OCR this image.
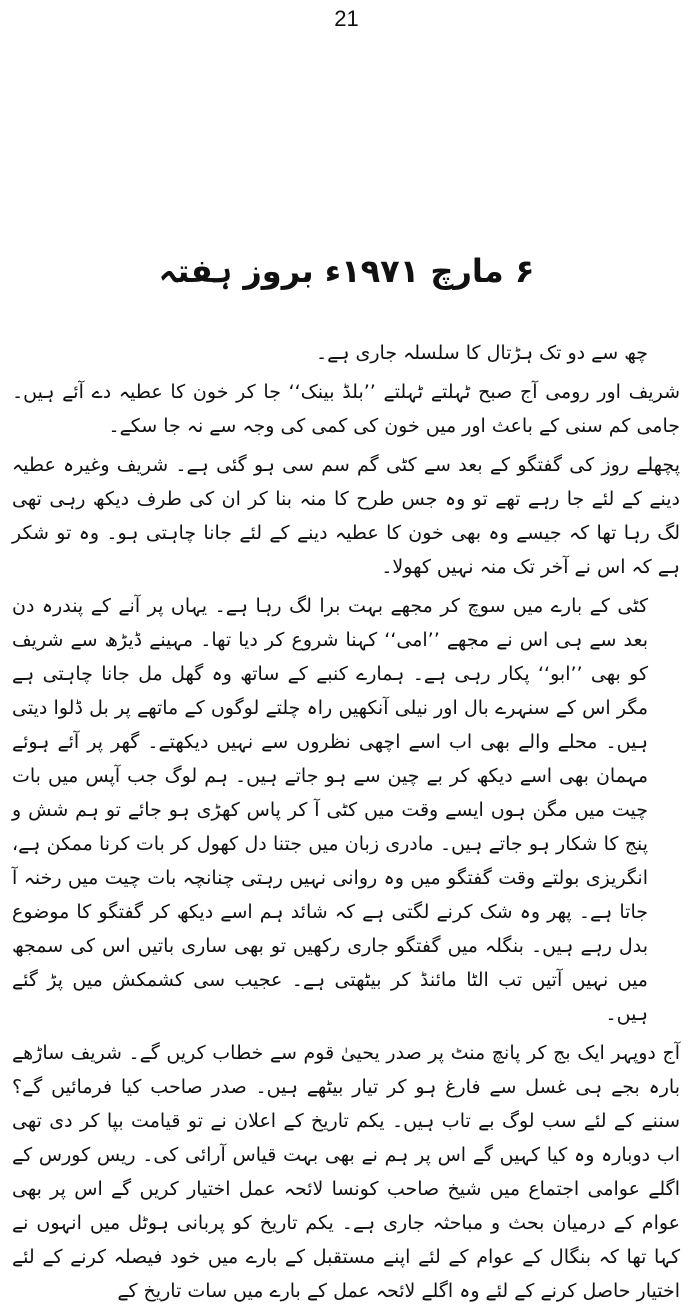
21
۶ مارچ ۱۹۷۱ء بروز ہفتہ

چھ سے دو تک ہڑتال کا سلسلہ جاری ہے۔

شریف اور رومی آج صبح ٹہلتے ٹہلتے ’’بلڈ بینک‘‘ جا کر خون کا عطیہ دے آئے ہیں۔ جامی کم سنی کے باعث اور میں خون کی کمی کی وجہ سے نہ جا سکے۔

پچھلے روز کی گفتگو کے بعد سے کٹی گم سم سی ہو گئی ہے۔ شریف وغیرہ عطیہ دینے کے لئے جا رہے تھے تو وہ جس طرح کا منہ بنا کر ان کی طرف دیکھ رہی تھی لگ رہا تھا کہ جیسے وہ بھی خون کا عطیہ دینے کے لئے جانا چاہتی ہو۔ وہ تو شکر ہے کہ اس نے آخر تک منہ نہیں کھولا۔

کٹی کے بارے میں سوچ کر مجھے بہت برا لگ رہا ہے۔ یہاں پر آنے کے پندرہ دن بعد سے ہی اس نے مجھے ’’امی‘‘ کہنا شروع کر دیا تھا۔ مہینے ڈیڑھ سے شریف کو بھی ’’ابو‘‘ پکار رہی ہے۔ ہمارے کنبے کے ساتھ وہ گھل مل جانا چاہتی ہے مگر اس کے سنہرے بال اور نیلی آنکھیں راہ چلتے لوگوں کے ماتھے پر بل ڈلوا دیتی ہیں۔ محلے والے بھی اب اسے اچھی نظروں سے نہیں دیکھتے۔ گھر پر آئے ہوئے مہمان بھی اسے دیکھ کر بے چین سے ہو جاتے ہیں۔ ہم لوگ جب آپس میں بات چیت میں مگن ہوں ایسے وقت میں کٹی آ کر پاس کھڑی ہو جائے تو ہم شش و پنج کا شکار ہو جاتے ہیں۔ مادری زبان میں جتنا دل کھول کر بات کرنا ممکن ہے، انگریزی بولتے وقت گفتگو میں وہ روانی نہیں رہتی چنانچہ بات چیت میں رخنہ آ جاتا ہے۔ پھر وہ شک کرنے لگتی ہے کہ شائد ہم اسے دیکھ کر گفتگو کا موضوع بدل رہے ہیں۔ بنگلہ میں گفتگو جاری رکھیں تو بھی ساری باتیں اس کی سمجھ میں نہیں آتیں تب الٹا مائنڈ کر بیٹھتی ہے۔ عجیب سی کشمکش میں پڑ گئے ہیں۔

آج دوپہر ایک بج کر پانچ منٹ پر صدر یحییٰ قوم سے خطاب کریں گے۔ شریف ساڑھے بارہ بجے ہی غسل سے فارغ ہو کر تیار بیٹھے ہیں۔ صدر صاحب کیا فرمائیں گے؟ سننے کے لئے سب لوگ بے تاب ہیں۔ یکم تاریخ کے اعلان نے تو قیامت بپا کر دی تھی اب دوبارہ وہ کیا کہیں گے اس پر ہم نے بھی بہت قیاس آرائی کی۔ ریس کورس کے اگلے عوامی اجتماع میں شیخ صاحب کونسا لائحہ عمل اختیار کریں گے اس پر بھی عوام کے درمیان بحث و مباحثہ جاری ہے۔ یکم تاریخ کو پربانی ہوٹل میں انہوں نے کہا تھا کہ بنگال کے عوام کے لئے اپنے مستقبل کے بارے میں خود فیصلہ کرنے کے لئے اختیار حاصل کرنے کے لئے وہ اگلے لائحہ عمل کے بارے میں سات تاریخ کے
